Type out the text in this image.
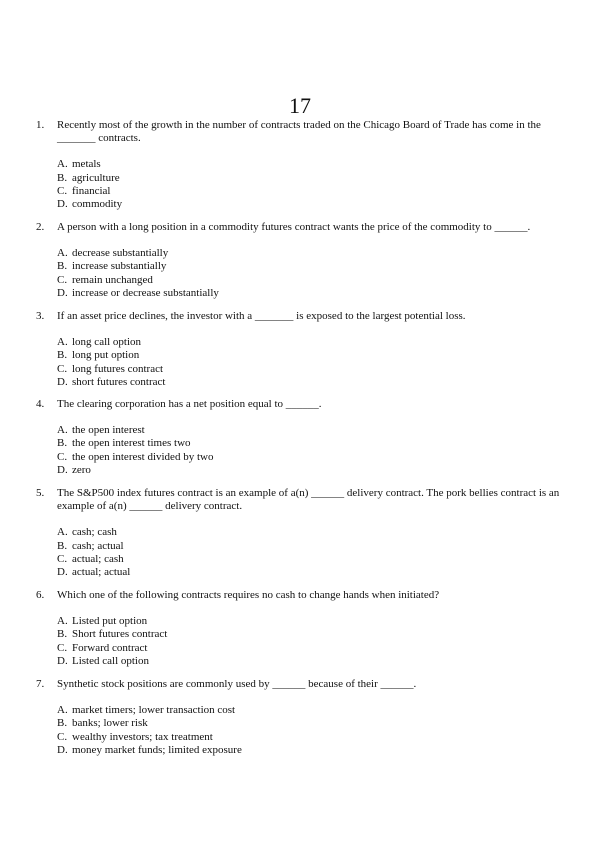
17
1. Recently most of the growth in the number of contracts traded on the Chicago Board of Trade has come in the _______ contracts.
A. metals
B. agriculture
C. financial
D. commodity
2. A person with a long position in a commodity futures contract wants the price of the commodity to ______.
A. decrease substantially
B. increase substantially
C. remain unchanged
D. increase or decrease substantially
3. If an asset price declines, the investor with a _______ is exposed to the largest potential loss.
A. long call option
B. long put option
C. long futures contract
D. short futures contract
4. The clearing corporation has a net position equal to ______.
A. the open interest
B. the open interest times two
C. the open interest divided by two
D. zero
5. The S&P500 index futures contract is an example of a(n) ______ delivery contract. The pork bellies contract is an example of a(n) ______ delivery contract.
A. cash; cash
B. cash; actual
C. actual; cash
D. actual; actual
6. Which one of the following contracts requires no cash to change hands when initiated?
A. Listed put option
B. Short futures contract
C. Forward contract
D. Listed call option
7. Synthetic stock positions are commonly used by ______ because of their ______.
A. market timers; lower transaction cost
B. banks; lower risk
C. wealthy investors; tax treatment
D. money market funds; limited exposure
